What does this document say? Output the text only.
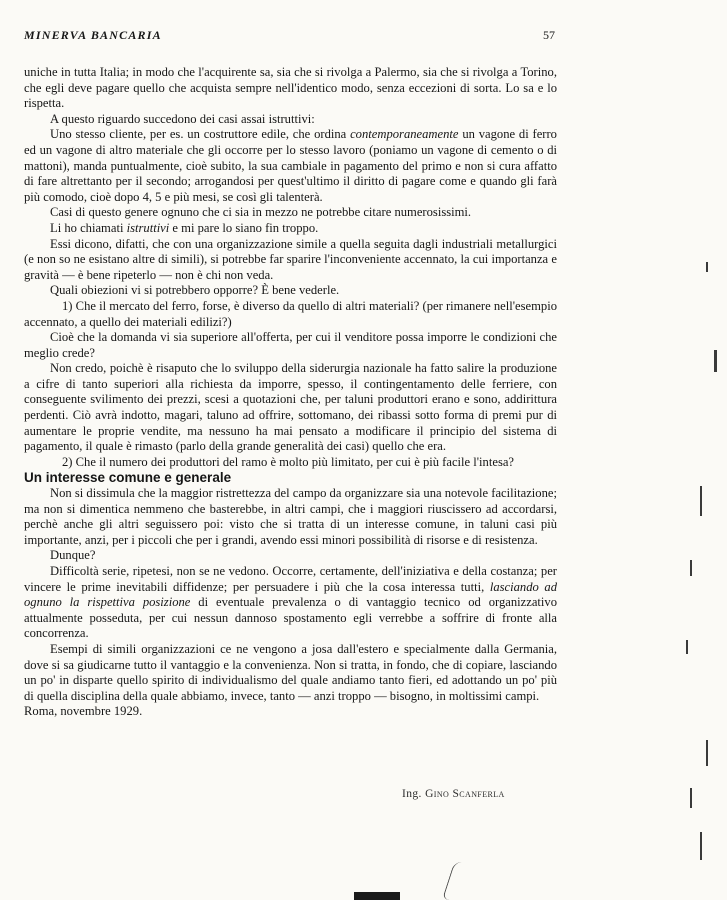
MINERVA BANCARIA	57

uniche in tutta Italia; in modo che l'acquirente sa, sia che si rivolga a Palermo, sia che si rivolga a Torino, che egli deve pagare quello che acquista sempre nell'identico modo, senza eccezioni di sorta. Lo sa e lo rispetta.

A questo riguardo succedono dei casi assai istruttivi:

Uno stesso cliente, per es. un costruttore edile, che ordina contemporaneamente un vagone di ferro ed un vagone di altro materiale che gli occorre per lo stesso lavoro (poniamo un vagone di cemento o di mattoni), manda puntualmente, cioè subito, la sua cambiale in pagamento del primo e non si cura affatto di fare altrettanto per il secondo; arrogandosi per quest'ultimo il diritto di pagare come e quando gli farà più comodo, cioè dopo 4, 5 e più mesi, se così gli talenterà.

Casi di questo genere ognuno che ci sia in mezzo ne potrebbe citare numerosissimi.

Li ho chiamati istruttivi e mi pare lo siano fin troppo.

Essi dicono, difatti, che con una organizzazione simile a quella seguita dagli industriali metallurgici (e non so ne esistano altre di simili), si potrebbe far sparire l'inconveniente accennato, la cui importanza e gravità — è bene ripeterlo — non è chi non veda.

Quali obiezioni vi si potrebbero opporre? È bene vederle.

1) Che il mercato del ferro, forse, è diverso da quello di altri materiali? (per rimanere nell'esempio accennato, a quello dei materiali edilizi?)

Cioè che la domanda vi sia superiore all'offerta, per cui il venditore possa imporre le condizioni che meglio crede?

Non credo, poichè è risaputo che lo sviluppo della siderurgia nazionale ha fatto salire la produzione a cifre di tanto superiori alla richiesta da imporre, spesso, il contingentamento delle ferriere, con conseguente svilimento dei prezzi, scesi a quotazioni che, per taluni produttori erano e sono, addirittura perdenti. Ciò avrà indotto, magari, taluno ad offrire, sottomano, dei ribassi sotto forma di premi pur di aumentare le proprie vendite, ma nessuno ha mai pensato a modificare il principio del sistema di pagamento, il quale è rimasto (parlo della grande generalità dei casi) quello che era.

2) Che il numero dei produttori del ramo è molto più limitato, per cui è più facile l'intesa?

Un interesse comune e generale

Non si dissimula che la maggior ristrettezza del campo da organizzare sia una notevole facilitazione; ma non si dimentica nemmeno che basterebbe, in altri campi, che i maggiori riuscissero ad accordarsi, perchè anche gli altri seguissero poi: visto che si tratta di un interesse comune, in taluni casi più importante, anzi, per i piccoli che per i grandi, avendo essi minori possibilità di risorse e di resistenza.

Dunque?

Difficoltà serie, ripetesi, non se ne vedono. Occorre, certamente, dell'iniziativa e della costanza; per vincere le prime inevitabili diffidenze; per persuadere i più che la cosa interessa tutti, lasciando ad ognuno la rispettiva posizione di eventuale prevalenza o di vantaggio tecnico od organizzativo attualmente posseduta, per cui nessun dannoso spostamento egli verrebbe a soffrire di fronte alla concorrenza.

Esempi di simili organizzazioni ce ne vengono a josa dall'estero e specialmente dalla Germania, dove si sa giudicarne tutto il vantaggio e la convenienza. Non si tratta, in fondo, che di copiare, lasciando un po' in disparte quello spirito di individualismo del quale andiamo tanto fieri, ed adottando un po' più di quella disciplina della quale abbiamo, invece, tanto — anzi troppo — bisogno, in moltissimi campi.

Roma, novembre 1929.

Ing. Gino Scanferla
